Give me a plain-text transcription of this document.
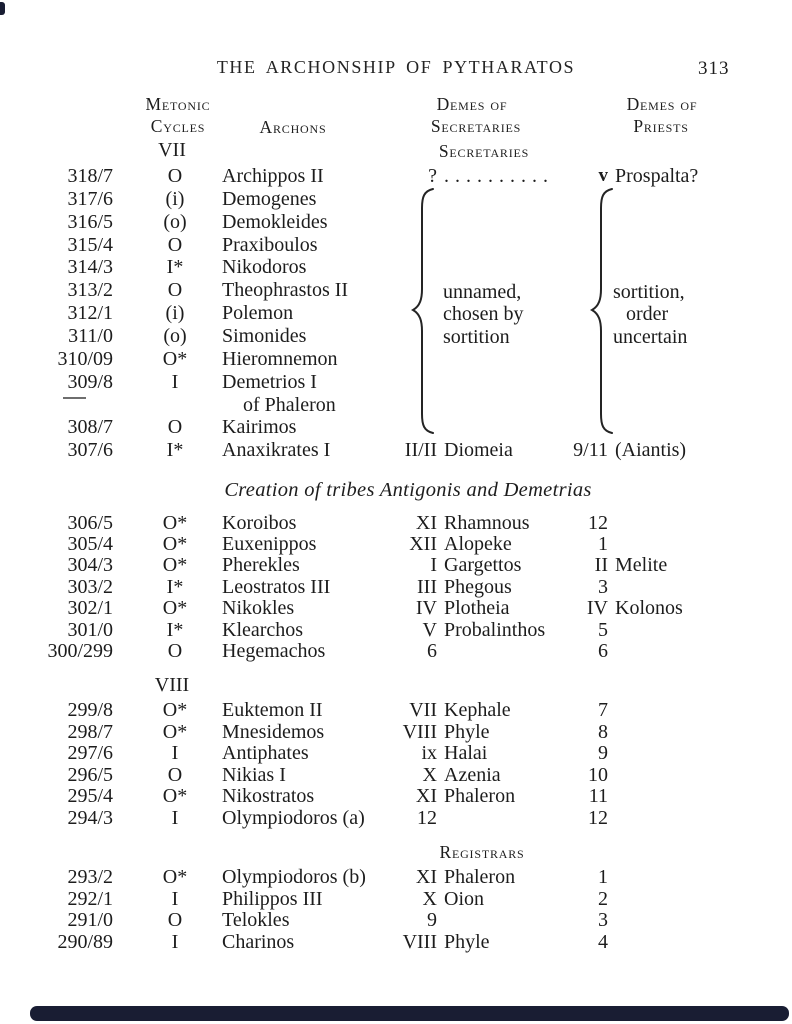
THE ARCHONSHIP OF PYTHARATOS	313
Metonic
Cycles	Archons
Demes of
Secretaries
Demes of
Priests
VII	Secretaries
Creation of tribes Antigonis and Demetrias
VIII
Registrars
unnamed,
chosen by
sortition
sortition,
order
uncertain
318/7	O	Archippos II	? ..........	v Prospalta?
317/6	(i)	Demogenes
316/5	(o)	Demokleides
315/4	O	Praxiboulos
314/3	I*	Nikodoros
313/2	O	Theophrastos II
312/1	(i)	Polemon
311/0	(o)	Simonides
310/09	O*	Hieromnemon
309/8	I	Demetrios I
of Phaleron
308/7	O	Kairimos
307/6	I*	Anaxikrates I	II/II Diomeia	9/11 (Aiantis)
306/5	O*	Koroibos	XI Rhamnous	12
305/4	O*	Euxenippos	XII Alopeke	1
304/3	O*	Pherekles	I Gargettos	II Melite
303/2	I*	Leostratos III	III Phegous	3
302/1	O*	Nikokles	IV Plotheia	IV Kolonos
301/0	I*	Klearchos	V Probalinthos	5
300/299	O	Hegemachos	6	6
299/8	O*	Euktemon II	VII Kephale	7
298/7	O*	Mnesidemos	VIII Phyle	8
297/6	I	Antiphates	ix Halai	9
296/5	O	Nikias I	X Azenia	10
295/4	O*	Nikostratos	XI Phaleron	11
294/3	I	Olympiodoros (a)	12	12
293/2	O*	Olympiodoros (b)	XI Phaleron	1
292/1	I	Philippos III	X Oion	2
291/0	O	Telokles	9	3
290/89	I	Charinos	VIII Phyle	4
